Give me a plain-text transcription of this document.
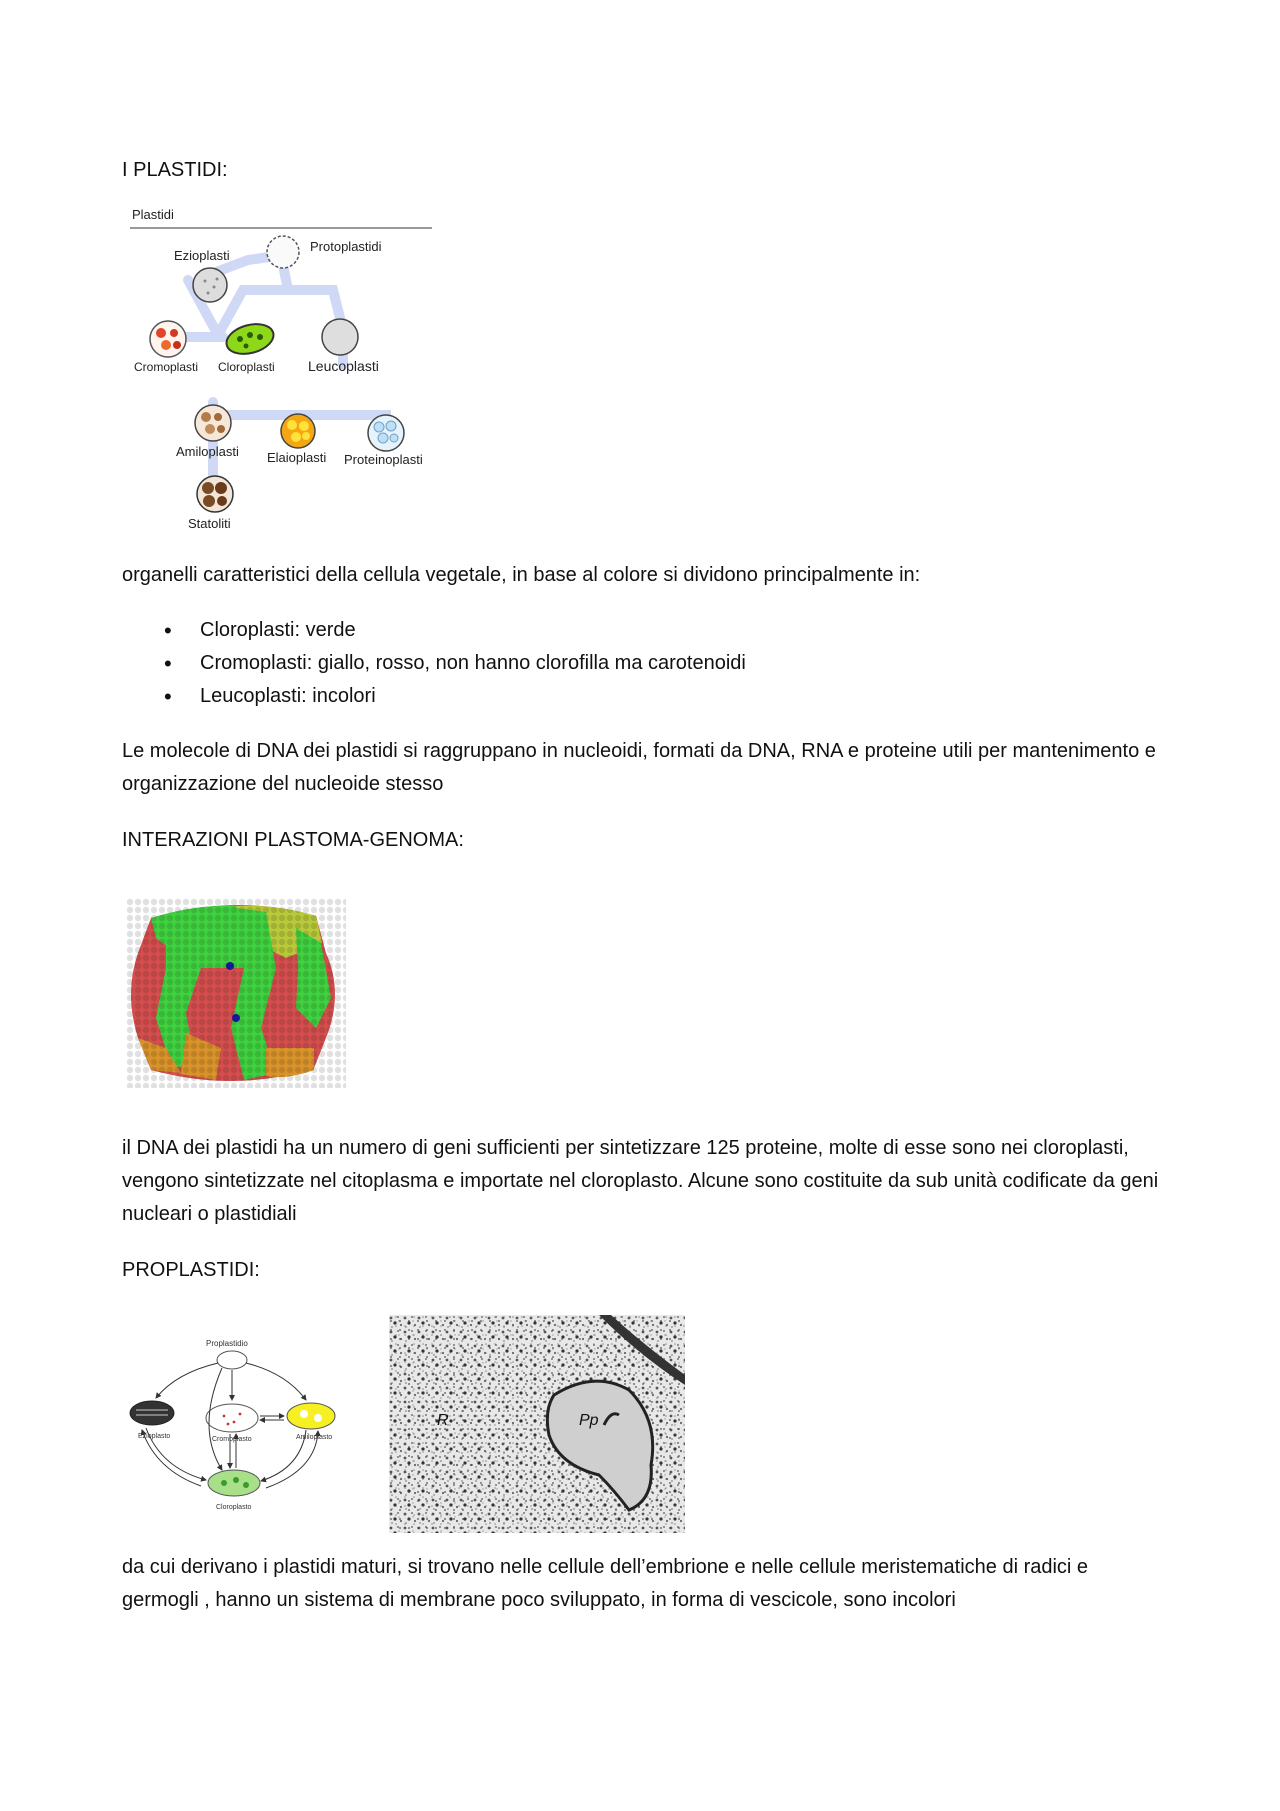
I PLASTIDI:

Plastidi
Protoplastidi
Ezioplasti
Cromoplasti Cloroplasti Leucoplasti
Amiloplasti Elaioplasti Proteinoplasti
Statoliti

organelli caratteristici della cellula vegetale, in base al colore si dividono principalmente in:

• Cloroplasti: verde
• Cromoplasti: giallo, rosso, non hanno clorofilla ma carotenoidi
• Leucoplasti: incolori

Le molecole di DNA dei plastidi si raggruppano in nucleoidi, formati da DNA, RNA e proteine utili per mantenimento e organizzazione del nucleoide stesso

INTERAZIONI PLASTOMA-GENOMA:

il DNA dei plastidi ha un numero di geni sufficienti per sintetizzare 125 proteine, molte di esse sono nei cloroplasti, vengono sintetizzate nel citoplasma e importate nel cloroplasto. Alcune sono costituite da sub unità codificate da geni nucleari o plastidiali

PROPLASTIDI:

Proplastidio
Ezioplasto	Cromoplasto	Amiloplasto
Cloroplasto
R	Pp

da cui derivano i plastidi maturi, si trovano nelle cellule dell’embrione e nelle cellule meristematiche di radici e germogli , hanno un sistema di membrane poco sviluppato, in forma di vescicole, sono incolori
